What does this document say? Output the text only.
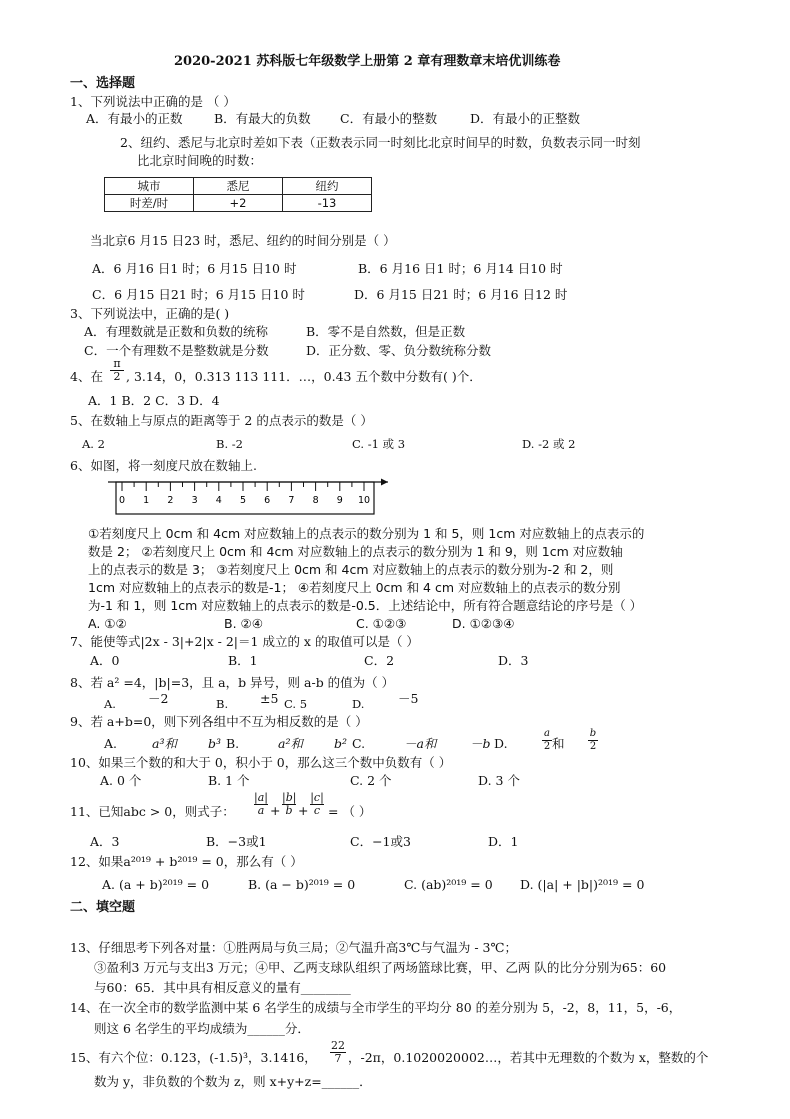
2020-2021 苏科版七年级数学上册第 2 章有理数章末培优训练卷
一、选择题
1、下列说法中正确的是 （ ）
A．有最小的正数	B．有最大的负数 C．有最小的整数	D．有最小的正整数
2、纽约、悉尼与北京时差如下表（正数表示同一时刻比北京时间早的时数，负数表示同一时刻
比北京时间晚的时数：
城市	悉尼	纽约
时差/时	+2	-13
当北京6 月15 日23 时，悉尼、纽约的时间分别是（ ）
A．6 月16 日1 时；6 月15 日10 时	B．6 月16 日1 时；6 月14 日10 时
C．6 月15 日21 时；6 月15 日10 时	D．6 月15 日21 时；6 月16 日12 时
3、下列说法中，正确的是( )
A．有理数就是正数和负数的统称	B．零不是自然数，但是正数
C．一个有理数不是整数就是分数	D．正分数、零、负分数统称分数
4、在 $\frac{\pi}{2}$ , 3.14，0，0.313 113 111．…，0.43 五个数中分数有( )个．
A．1 B．2 C．3 D．4
5、在数轴上与原点的距离等于 2 的点表示的数是（ ）
A. 2	B. -2	C. -1 或 3	D. -2 或 2
6、如图，将一刻度尺放在数轴上.
0 1 2 3 4 5 6 7 8 9 10
①若刻度尺上 0cm 和 4cm 对应数轴上的点表示的数分别为 1 和 5，则 1cm 对应数轴上的点表示的
数是 2； ②若刻度尺上 0cm 和 4cm 对应数轴上的点表示的数分别为 1 和 9，则 1cm 对应数轴
上的点表示的数是 3； ③若刻度尺上 0cm 和 4cm 对应数轴上的点表示的数分别为-2 和 2，则
1cm 对应数轴上的点表示的数是-1； ④若刻度尺上 0cm 和 4 cm 对应数轴上的点表示的数分别
为-1 和 1，则 1cm 对应数轴上的点表示的数是-0.5．上述结论中，所有符合题意结论的序号是（ ）
A. ①②	B. ②④	C. ①②③	D. ①②③④
7、能使等式|2x - 3|+2|x - 2|＝1 成立的 x 的取值可以是（ ）
A．0	B．1	C．2	D．3
8、若 a² =4，|b|=3，且 a，b 异号，则 a-b 的值为（ ）
A.	－2	B.	±5 C. 5	D.	－5
9、若 a+b=0，则下列各组中不互为相反数的是（ ）
A.	a³和 b³ B.	a²和 b² C.	－a和	－b D.	$\frac{a}{2}$ 和 $\frac{b}{2}$
10、如果三个数的和大于 0，积小于 0，那么这三个数中负数有（ ）
A. 0 个	B. 1 个	C. 2 个	D. 3 个
11、已知abc > 0，则式子： $\frac{|a|}{a} + \frac{|b|}{b} + \frac{|c|}{c}$ = （ ）
A．3	B．−3或1	C．−1或3	D．1
12、如果a²⁰¹⁹ + b²⁰¹⁹ = 0，那么有（ ）
A. (a + b)²⁰¹⁹ = 0	B. (a − b)²⁰¹⁹ = 0	C. (ab)²⁰¹⁹ = 0 D. (|a| + |b|)²⁰¹⁹ = 0
二、填空题
13、仔细思考下列各对量：①胜两局与负三局；②气温升高3℃与气温为 - 3℃；
③盈利3 万元与支出3 万元；④甲、乙两支球队组织了两场篮球比赛，甲、乙两 队的比分分别为65：60
与60：65．其中具有相反意义的量有________
14、在一次全市的数学监测中某 6 名学生的成绩与全市学生的平均分 80 的差分别为 5，-2，8，11，5，-6，
则这 6 名学生的平均成绩为______分．
15、有六个位：0.123，(-1.5)³，3.1416， $\frac{22}{7}$ ，-2π，0.1020020002…，若其中无理数的个数为 x，整数的个
数为 y，非负数的个数为 z，则 x+y+z=______．
